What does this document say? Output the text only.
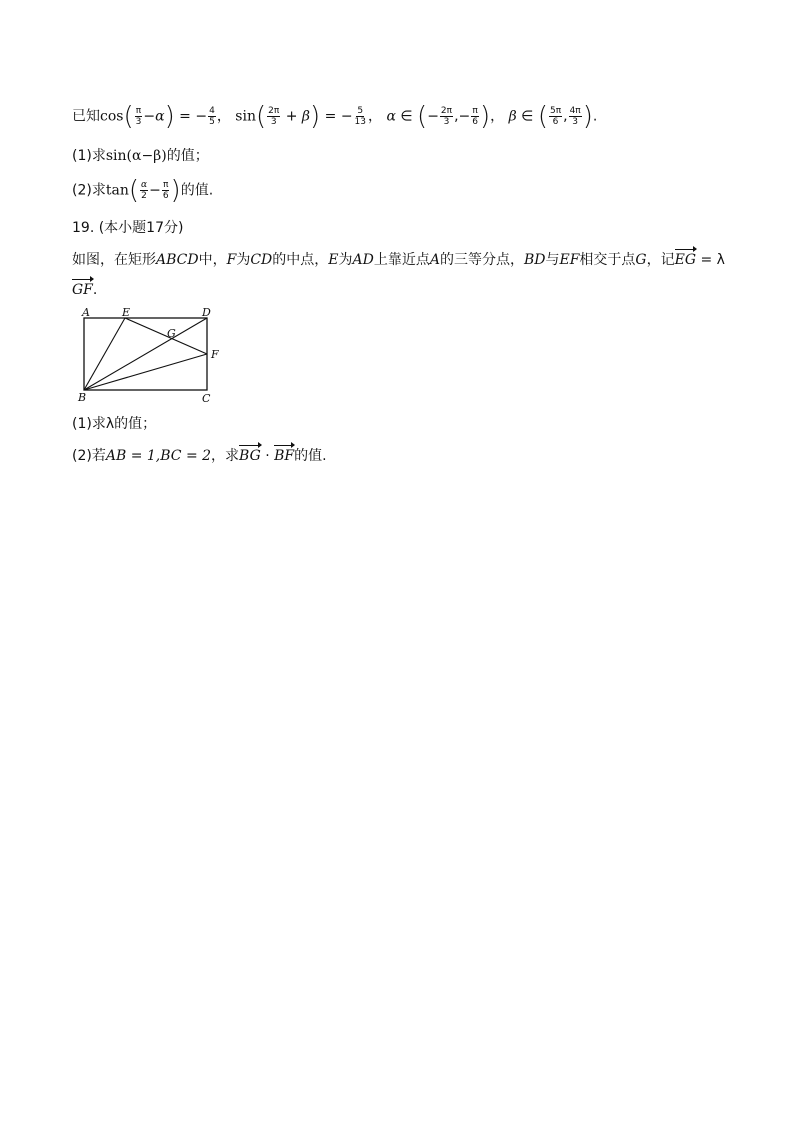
已知$\cos( \frac{\pi}{3} -\alpha)$ = − $\frac{4}{5}$ ， $\sin( \frac{2\pi}{3} + \beta)$ = − $\frac{5}{13}$ ， α ∈ (− $\frac{2\pi}{3}$ ,− $\frac{\pi}{6}$ )， β ∈ ( $\frac{5\pi}{6}$ , $\frac{4\pi}{3}$ ).
(1)求sin(α−β)的值；
(2)求$\tan( \frac{\alpha}{2} - \frac{\pi}{6}$ )的值.
19. (本小题17分)
如图，在矩形ABCD中，F为CD的中点，E为AD上靠近点A的三等分点，BD与EF相交于点G，记EG = λ
GF.
A	E	D
G
F
B	C
(1)求λ的值；
(2)若AB = 1,BC = 2，求BG · BF的值.
